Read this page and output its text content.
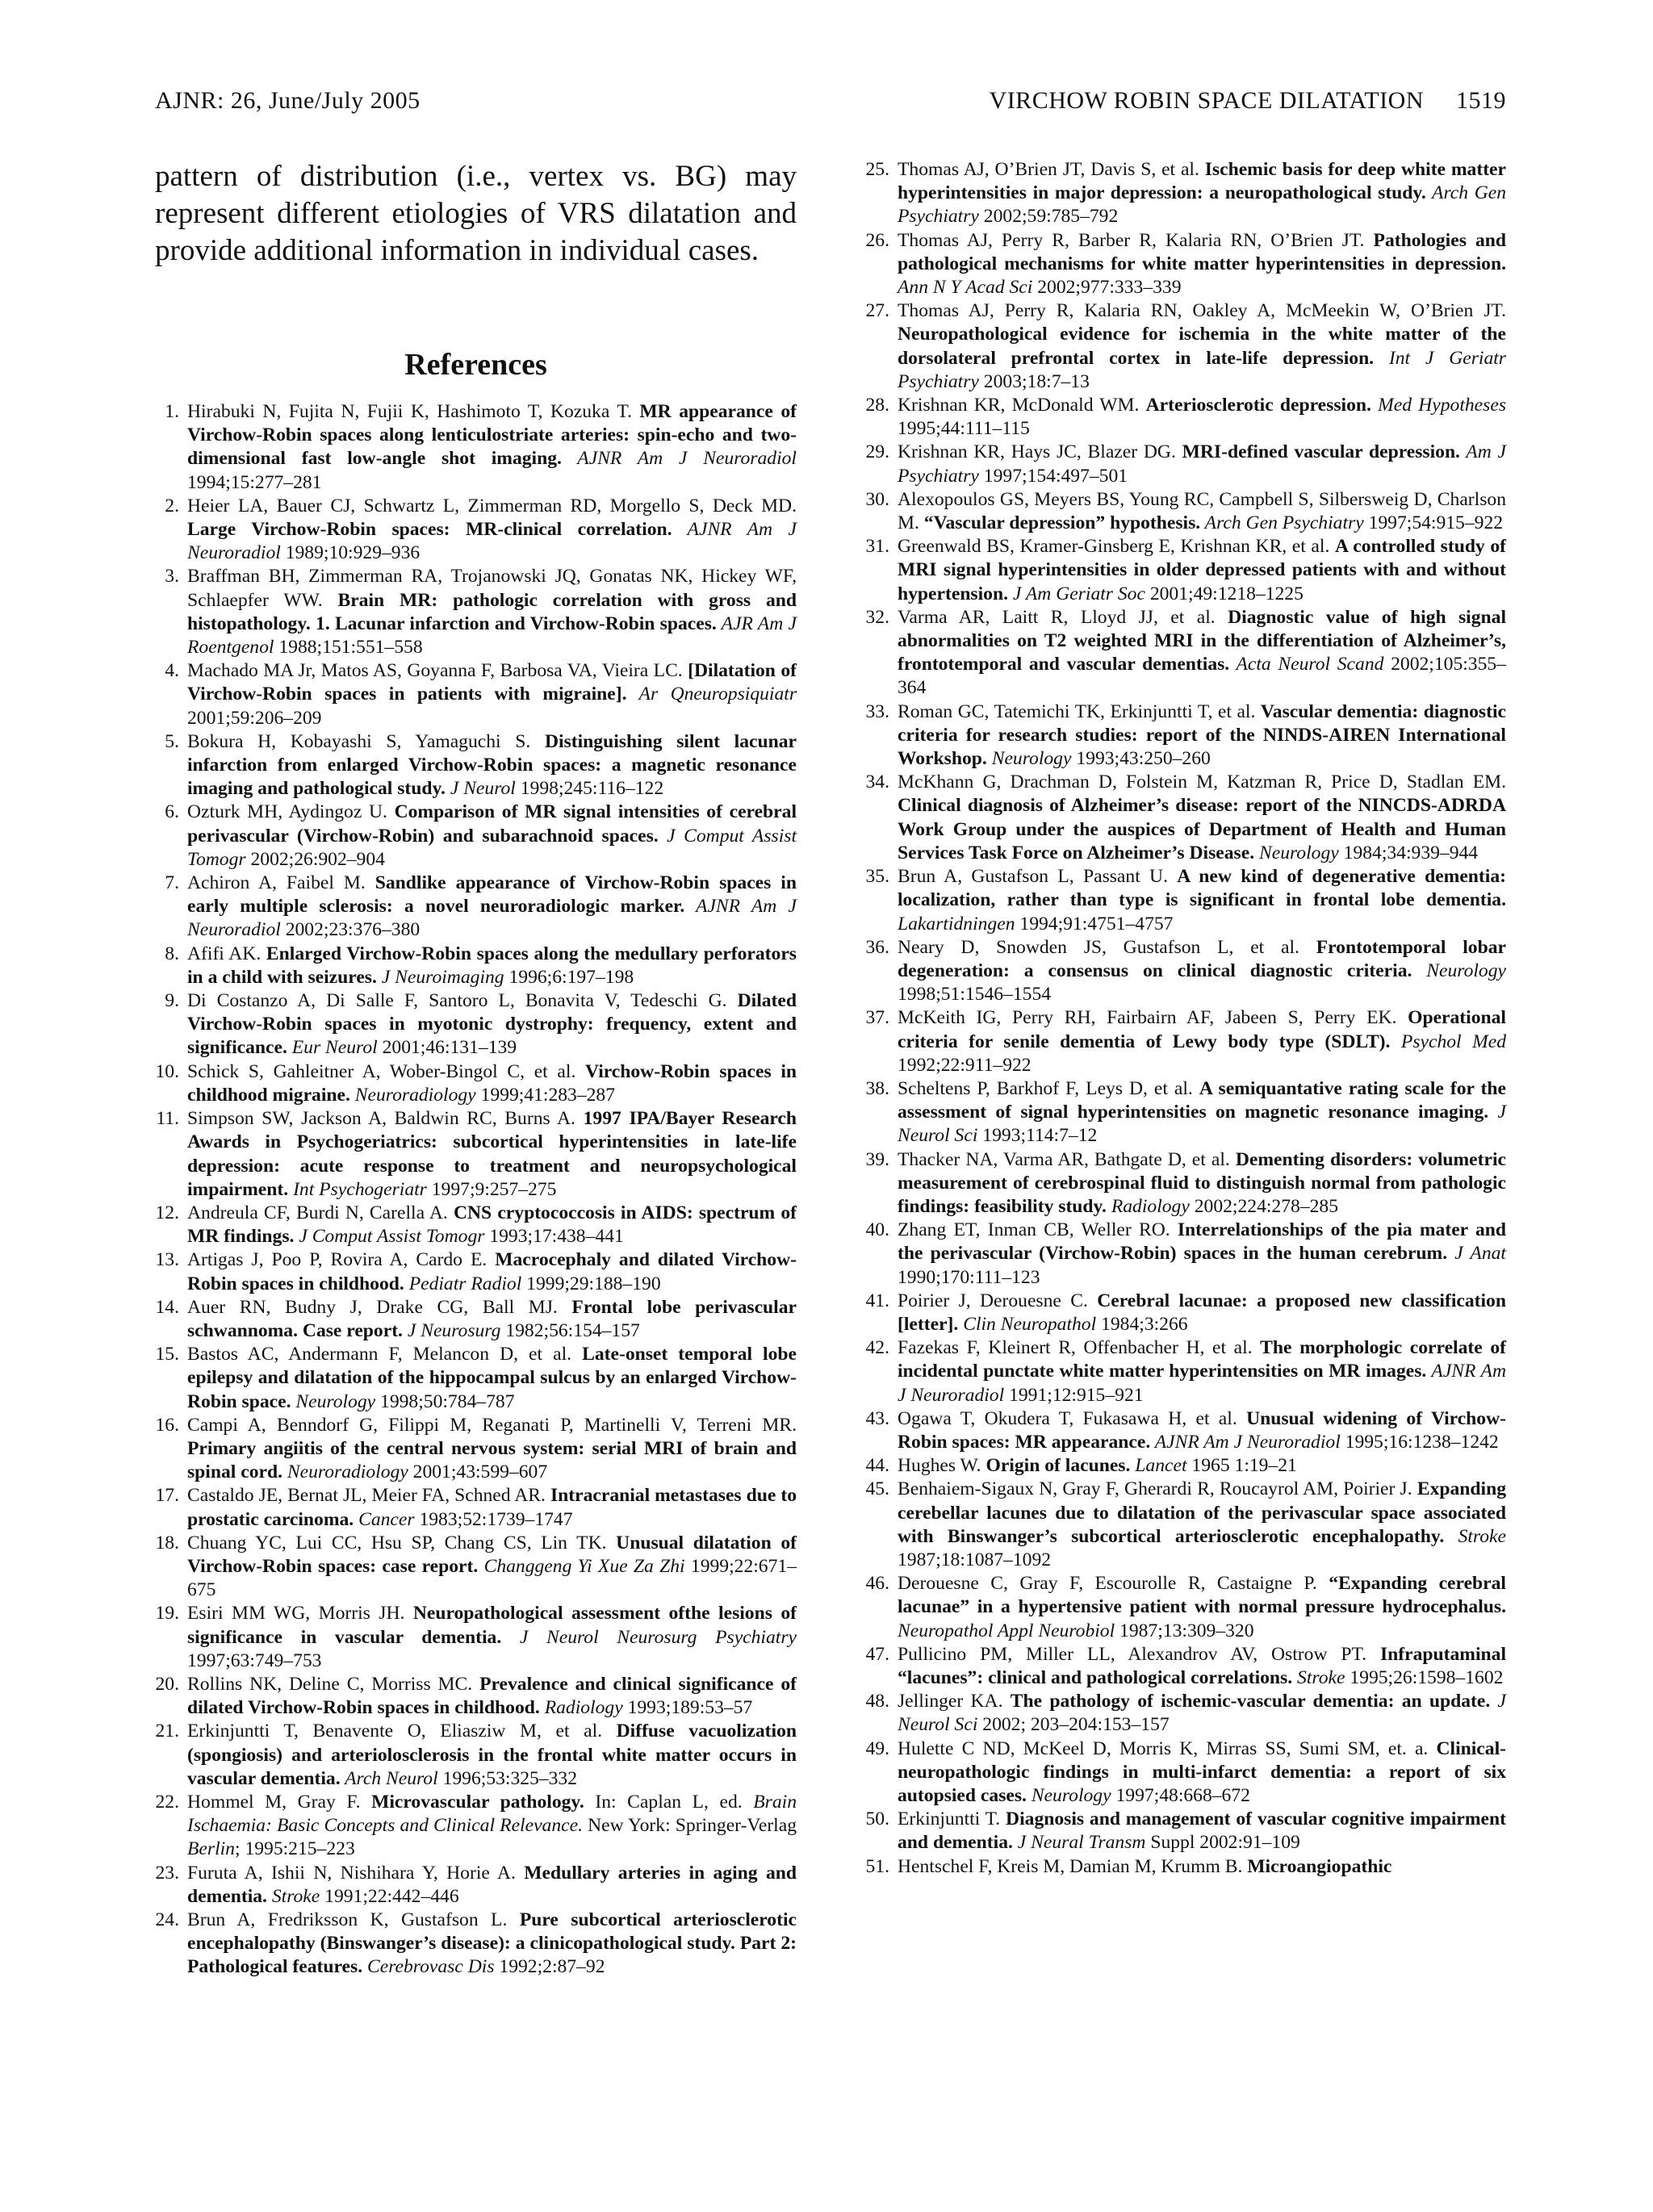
AJNR: 26, June/July 2005	VIRCHOW ROBIN SPACE DILATATION 1519

pattern of distribution (i.e., vertex vs. BG) may represent different etiologies of VRS dilatation and provide additional information in individual cases.

References
1. Hirabuki N, Fujita N, Fujii K, Hashimoto T, Kozuka T. MR appearance of Virchow-Robin spaces along lenticulostriate arteries: spin-echo and two-dimensional fast low-angle shot imaging. AJNR Am J Neuroradiol 1994;15:277–281
2. Heier LA, Bauer CJ, Schwartz L, Zimmerman RD, Morgello S, Deck MD. Large Virchow-Robin spaces: MR-clinical correlation. AJNR Am J Neuroradiol 1989;10:929–936
3. Braffman BH, Zimmerman RA, Trojanowski JQ, Gonatas NK, Hickey WF, Schlaepfer WW. Brain MR: pathologic correlation with gross and histopathology. 1. Lacunar infarction and Virchow-Robin spaces. AJR Am J Roentgenol 1988;151:551–558
4. Machado MA Jr, Matos AS, Goyanna F, Barbosa VA, Vieira LC. [Dilatation of Virchow-Robin spaces in patients with migraine]. Ar Qneuropsiquiatr 2001;59:206–209
5. Bokura H, Kobayashi S, Yamaguchi S. Distinguishing silent lacunar infarction from enlarged Virchow-Robin spaces: a magnetic resonance imaging and pathological study. J Neurol 1998;245:116–122
6. Ozturk MH, Aydingoz U. Comparison of MR signal intensities of cerebral perivascular (Virchow-Robin) and subarachnoid spaces. J Comput Assist Tomogr 2002;26:902–904
7. Achiron A, Faibel M. Sandlike appearance of Virchow-Robin spaces in early multiple sclerosis: a novel neuroradiologic marker. AJNR Am J Neuroradiol 2002;23:376–380
8. Afifi AK. Enlarged Virchow-Robin spaces along the medullary perforators in a child with seizures. J Neuroimaging 1996;6:197–198
9. Di Costanzo A, Di Salle F, Santoro L, Bonavita V, Tedeschi G. Dilated Virchow-Robin spaces in myotonic dystrophy: frequency, extent and significance. Eur Neurol 2001;46:131–139
10. Schick S, Gahleitner A, Wober-Bingol C, et al. Virchow-Robin spaces in childhood migraine. Neuroradiology 1999;41:283–287
11. Simpson SW, Jackson A, Baldwin RC, Burns A. 1997 IPA/Bayer Research Awards in Psychogeriatrics: subcortical hyperintensities in late-life depression: acute response to treatment and neuropsychological impairment. Int Psychogeriatr 1997;9:257–275
12. Andreula CF, Burdi N, Carella A. CNS cryptococcosis in AIDS: spectrum of MR findings. J Comput Assist Tomogr 1993;17:438–441
13. Artigas J, Poo P, Rovira A, Cardo E. Macrocephaly and dilated Virchow-Robin spaces in childhood. Pediatr Radiol 1999;29:188–190
14. Auer RN, Budny J, Drake CG, Ball MJ. Frontal lobe perivascular schwannoma. Case report. J Neurosurg 1982;56:154–157
15. Bastos AC, Andermann F, Melancon D, et al. Late-onset temporal lobe epilepsy and dilatation of the hippocampal sulcus by an enlarged Virchow-Robin space. Neurology 1998;50:784–787
16. Campi A, Benndorf G, Filippi M, Reganati P, Martinelli V, Terreni MR. Primary angiitis of the central nervous system: serial MRI of brain and spinal cord. Neuroradiology 2001;43:599–607
17. Castaldo JE, Bernat JL, Meier FA, Schned AR. Intracranial metastases due to prostatic carcinoma. Cancer 1983;52:1739–1747
18. Chuang YC, Lui CC, Hsu SP, Chang CS, Lin TK. Unusual dilatation of Virchow-Robin spaces: case report. Changgeng Yi Xue Za Zhi 1999;22:671–675
19. Esiri MM WG, Morris JH. Neuropathological assessment ofthe lesions of significance in vascular dementia. J Neurol Neurosurg Psychiatry 1997;63:749–753
20. Rollins NK, Deline C, Morriss MC. Prevalence and clinical significance of dilated Virchow-Robin spaces in childhood. Radiology 1993;189:53–57
21. Erkinjuntti T, Benavente O, Eliasziw M, et al. Diffuse vacuolization (spongiosis) and arteriolosclerosis in the frontal white matter occurs in vascular dementia. Arch Neurol 1996;53:325–332
22. Hommel M, Gray F. Microvascular pathology. In: Caplan L, ed. Brain Ischaemia: Basic Concepts and Clinical Relevance. New York: Springer-Verlag Berlin; 1995:215–223
23. Furuta A, Ishii N, Nishihara Y, Horie A. Medullary arteries in aging and dementia. Stroke 1991;22:442–446
24. Brun A, Fredriksson K, Gustafson L. Pure subcortical arteriosclerotic encephalopathy (Binswanger’s disease): a clinicopathological study. Part 2: Pathological features. Cerebrovasc Dis 1992;2:87–92
25. Thomas AJ, O’Brien JT, Davis S, et al. Ischemic basis for deep white matter hyperintensities in major depression: a neuropathological study. Arch Gen Psychiatry 2002;59:785–792
26. Thomas AJ, Perry R, Barber R, Kalaria RN, O’Brien JT. Pathologies and pathological mechanisms for white matter hyperintensities in depression. Ann N Y Acad Sci 2002;977:333–339
27. Thomas AJ, Perry R, Kalaria RN, Oakley A, McMeekin W, O’Brien JT. Neuropathological evidence for ischemia in the white matter of the dorsolateral prefrontal cortex in late-life depression. Int J Geriatr Psychiatry 2003;18:7–13
28. Krishnan KR, McDonald WM. Arteriosclerotic depression. Med Hypotheses 1995;44:111–115
29. Krishnan KR, Hays JC, Blazer DG. MRI-defined vascular depression. Am J Psychiatry 1997;154:497–501
30. Alexopoulos GS, Meyers BS, Young RC, Campbell S, Silbersweig D, Charlson M. “Vascular depression” hypothesis. Arch Gen Psychiatry 1997;54:915–922
31. Greenwald BS, Kramer-Ginsberg E, Krishnan KR, et al. A controlled study of MRI signal hyperintensities in older depressed patients with and without hypertension. J Am Geriatr Soc 2001;49:1218–1225
32. Varma AR, Laitt R, Lloyd JJ, et al. Diagnostic value of high signal abnormalities on T2 weighted MRI in the differentiation of Alzheimer’s, frontotemporal and vascular dementias. Acta Neurol Scand 2002;105:355–364
33. Roman GC, Tatemichi TK, Erkinjuntti T, et al. Vascular dementia: diagnostic criteria for research studies: report of the NINDS-AIREN International Workshop. Neurology 1993;43:250–260
34. McKhann G, Drachman D, Folstein M, Katzman R, Price D, Stadlan EM. Clinical diagnosis of Alzheimer’s disease: report of the NINCDS-ADRDA Work Group under the auspices of Department of Health and Human Services Task Force on Alzheimer’s Disease. Neurology 1984;34:939–944
35. Brun A, Gustafson L, Passant U. A new kind of degenerative dementia: localization, rather than type is significant in frontal lobe dementia. Lakartidningen 1994;91:4751–4757
36. Neary D, Snowden JS, Gustafson L, et al. Frontotemporal lobar degeneration: a consensus on clinical diagnostic criteria. Neurology 1998;51:1546–1554
37. McKeith IG, Perry RH, Fairbairn AF, Jabeen S, Perry EK. Operational criteria for senile dementia of Lewy body type (SDLT). Psychol Med 1992;22:911–922
38. Scheltens P, Barkhof F, Leys D, et al. A semiquantative rating scale for the assessment of signal hyperintensities on magnetic resonance imaging. J Neurol Sci 1993;114:7–12
39. Thacker NA, Varma AR, Bathgate D, et al. Dementing disorders: volumetric measurement of cerebrospinal fluid to distinguish normal from pathologic findings: feasibility study. Radiology 2002;224:278–285
40. Zhang ET, Inman CB, Weller RO. Interrelationships of the pia mater and the perivascular (Virchow-Robin) spaces in the human cerebrum. J Anat 1990;170:111–123
41. Poirier J, Derouesne C. Cerebral lacunae: a proposed new classification [letter]. Clin Neuropathol 1984;3:266
42. Fazekas F, Kleinert R, Offenbacher H, et al. The morphologic correlate of incidental punctate white matter hyperintensities on MR images. AJNR Am J Neuroradiol 1991;12:915–921
43. Ogawa T, Okudera T, Fukasawa H, et al. Unusual widening of Virchow-Robin spaces: MR appearance. AJNR Am J Neuroradiol 1995;16:1238–1242
44. Hughes W. Origin of lacunes. Lancet 1965 1:19–21
45. Benhaiem-Sigaux N, Gray F, Gherardi R, Roucayrol AM, Poirier J. Expanding cerebellar lacunes due to dilatation of the perivascular space associated with Binswanger’s subcortical arteriosclerotic encephalopathy. Stroke 1987;18:1087–1092
46. Derouesne C, Gray F, Escourolle R, Castaigne P. “Expanding cerebral lacunae” in a hypertensive patient with normal pressure hydrocephalus. Neuropathol Appl Neurobiol 1987;13:309–320
47. Pullicino PM, Miller LL, Alexandrov AV, Ostrow PT. Infraputaminal “lacunes”: clinical and pathological correlations. Stroke 1995;26:1598–1602
48. Jellinger KA. The pathology of ischemic-vascular dementia: an update. J Neurol Sci 2002; 203–204:153–157
49. Hulette C ND, McKeel D, Morris K, Mirras SS, Sumi SM, et. a. Clinical-neuropathologic findings in multi-infarct dementia: a report of six autopsied cases. Neurology 1997;48:668–672
50. Erkinjuntti T. Diagnosis and management of vascular cognitive impairment and dementia. J Neural Transm Suppl 2002:91–109
51. Hentschel F, Kreis M, Damian M, Krumm B. Microangiopathic
